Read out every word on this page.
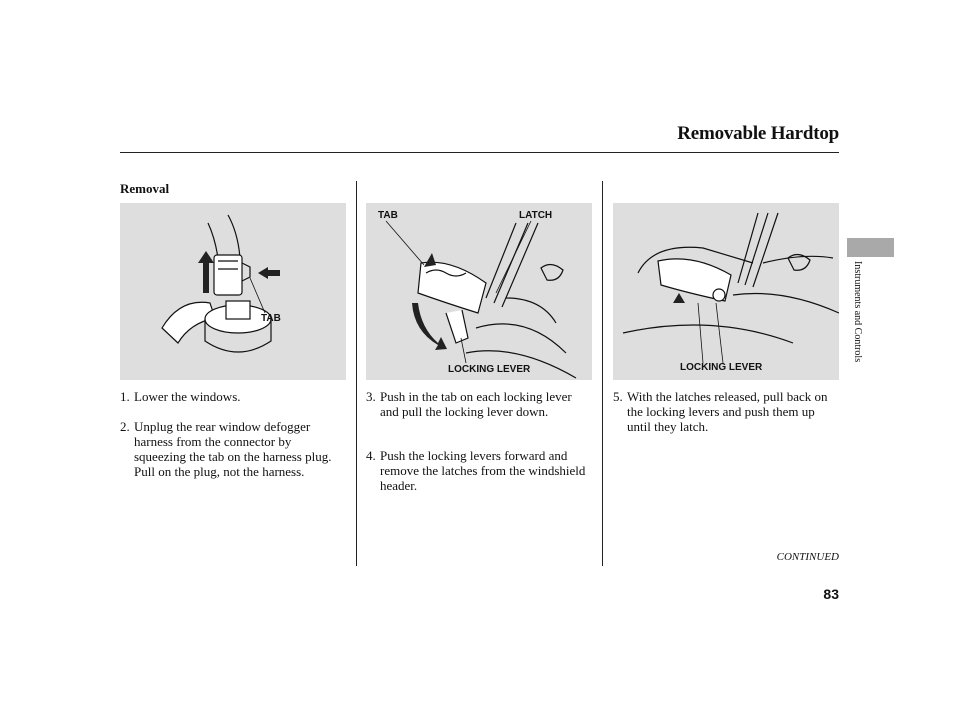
Removable Hardtop
Removal
TAB
TAB	LATCH
LOCKING LEVER	LOCKING LEVER
1. Lower the windows.
2. Unplug the rear window defogger harness from the connector by squeezing the tab on the harness plug. Pull on the plug, not the harness.
3. Push in the tab on each locking lever and pull the locking lever down.
4. Push the locking levers forward and remove the latches from the windshield header.
5. With the latches released, pull back on the locking levers and push them up until they latch.
Instruments and Controls
CONTINUED
83
